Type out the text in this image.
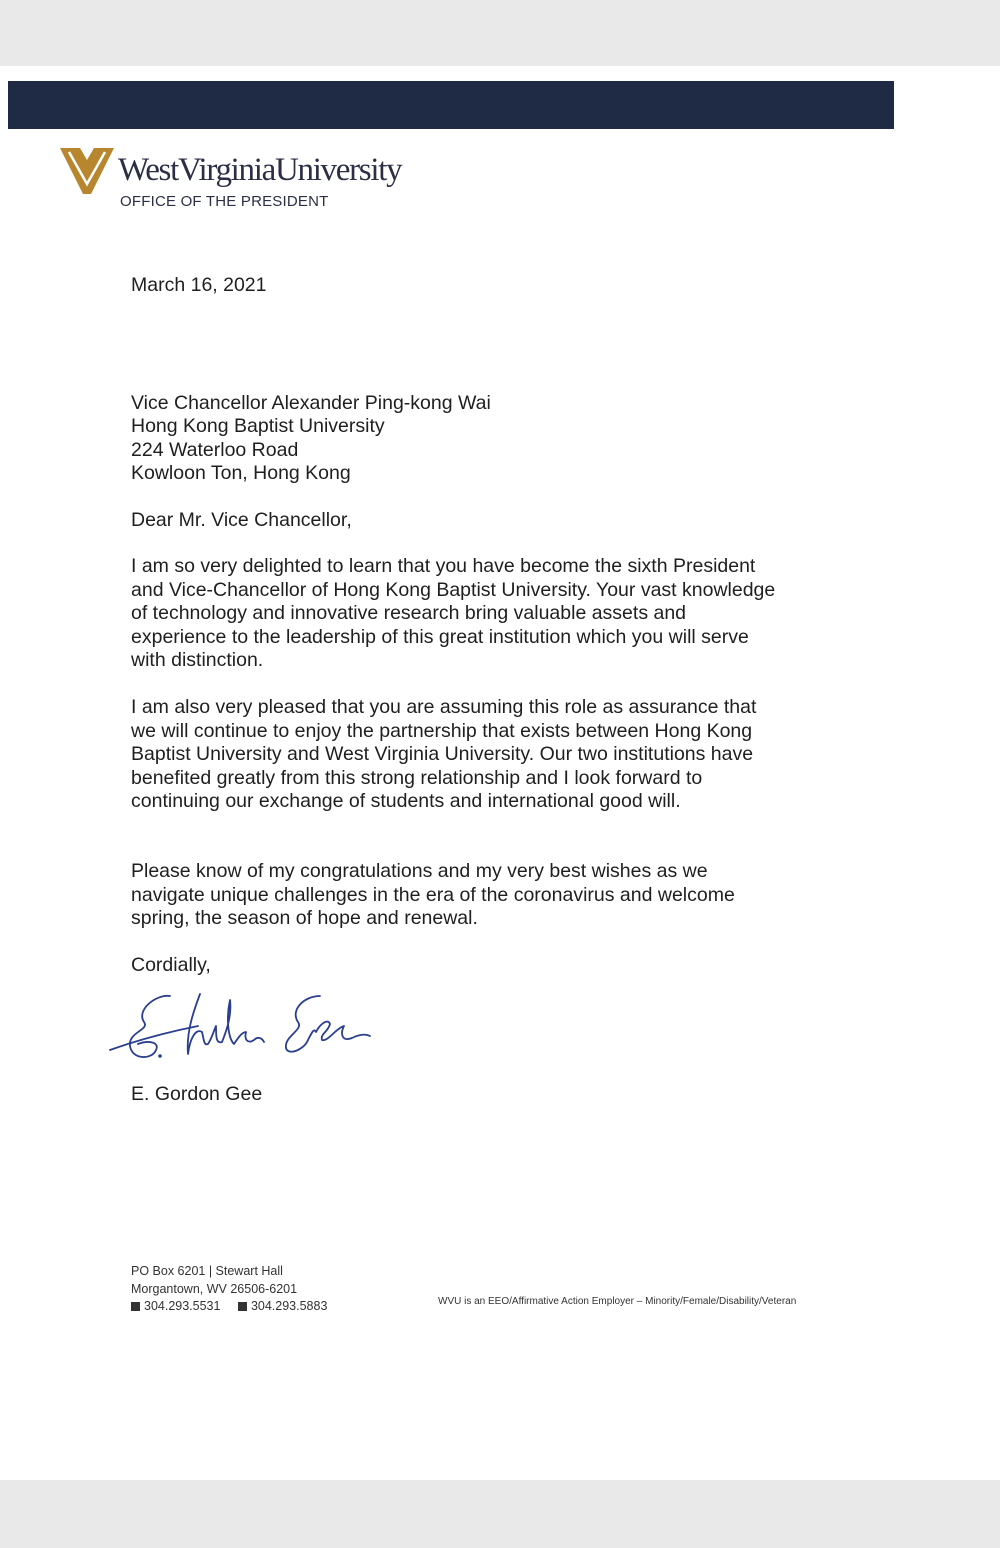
WestVirginiaUniversity
OFFICE OF THE PRESIDENT
March 16, 2021
Vice Chancellor Alexander Ping-kong Wai
Hong Kong Baptist University
224 Waterloo Road
Kowloon Ton, Hong Kong
Dear Mr. Vice Chancellor,
I am so very delighted to learn that you have become the sixth President and Vice-Chancellor of Hong Kong Baptist University. Your vast knowledge of technology and innovative research bring valuable assets and experience to the leadership of this great institution which you will serve with distinction.
I am also very pleased that you are assuming this role as assurance that we will continue to enjoy the partnership that exists between Hong Kong Baptist University and West Virginia University. Our two institutions have benefited greatly from this strong relationship and I look forward to continuing our exchange of students and international good will.
Please know of my congratulations and my very best wishes as we navigate unique challenges in the era of the coronavirus and welcome spring, the season of hope and renewal.
Cordially,
E. Gordon Gee
PO Box 6201 | Stewart Hall
Morgantown, WV 26506-6201
304.293.5531 304.293.5883	WVU is an EEO/Affirmative Action Employer – Minority/Female/Disability/Veteran
